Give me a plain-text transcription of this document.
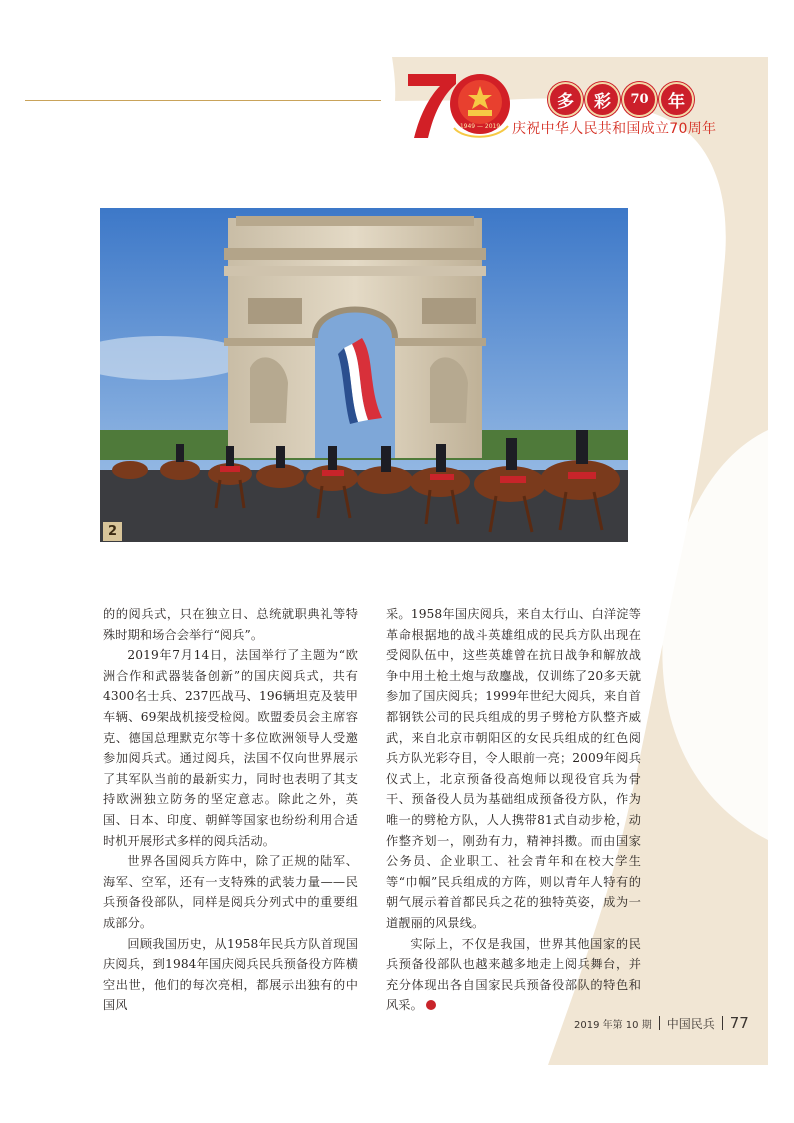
1949 — 2019
多	彩	70	年
庆祝中华人民共和国成立70周年
2

的的阅兵式，只在独立日、总统就职典礼等特殊时期和场合会举行“阅兵”。

2019年7月14日，法国举行了主题为“欧洲合作和武器装备创新”的国庆阅兵式，共有4300名士兵、237匹战马、196辆坦克及装甲车辆、69架战机接受检阅。欧盟委员会主席容克、德国总理默克尔等十多位欧洲领导人受邀参加阅兵式。通过阅兵，法国不仅向世界展示了其军队当前的最新实力，同时也表明了其支持欧洲独立防务的坚定意志。除此之外，英国、日本、印度、朝鲜等国家也纷纷利用合适时机开展形式多样的阅兵活动。

世界各国阅兵方阵中，除了正规的陆军、海军、空军，还有一支特殊的武装力量——民兵预备役部队，同样是阅兵分列式中的重要组成部分。

回顾我国历史，从1958年民兵方队首现国庆阅兵，到1984年国庆阅兵民兵预备役方阵横空出世，他们的每次亮相，都展示出独有的中国风

采。1958年国庆阅兵，来自太行山、白洋淀等革命根据地的战斗英雄组成的民兵方队出现在受阅队伍中，这些英雄曾在抗日战争和解放战争中用土枪土炮与敌鏖战，仅训练了20多天就参加了国庆阅兵；1999年世纪大阅兵，来自首都钢铁公司的民兵组成的男子劈枪方队整齐威武，来自北京市朝阳区的女民兵组成的红色阅兵方队光彩夺目，令人眼前一亮；2009年阅兵仪式上，北京预备役高炮师以现役官兵为骨干、预备役人员为基础组成预备役方队，作为唯一的劈枪方队，人人携带81式自动步枪，动作整齐划一，刚劲有力，精神抖擞。而由国家公务员、企业职工、社会青年和在校大学生等“巾帼”民兵组成的方阵，则以青年人特有的朝气展示着首都民兵之花的独特英姿，成为一道靓丽的风景线。

实际上，不仅是我国，世界其他国家的民兵预备役部队也越来越多地走上阅兵舞台，并充分体现出各自国家民兵预备役部队的特色和风采。

2019 年第 10 期 中国民兵 77
